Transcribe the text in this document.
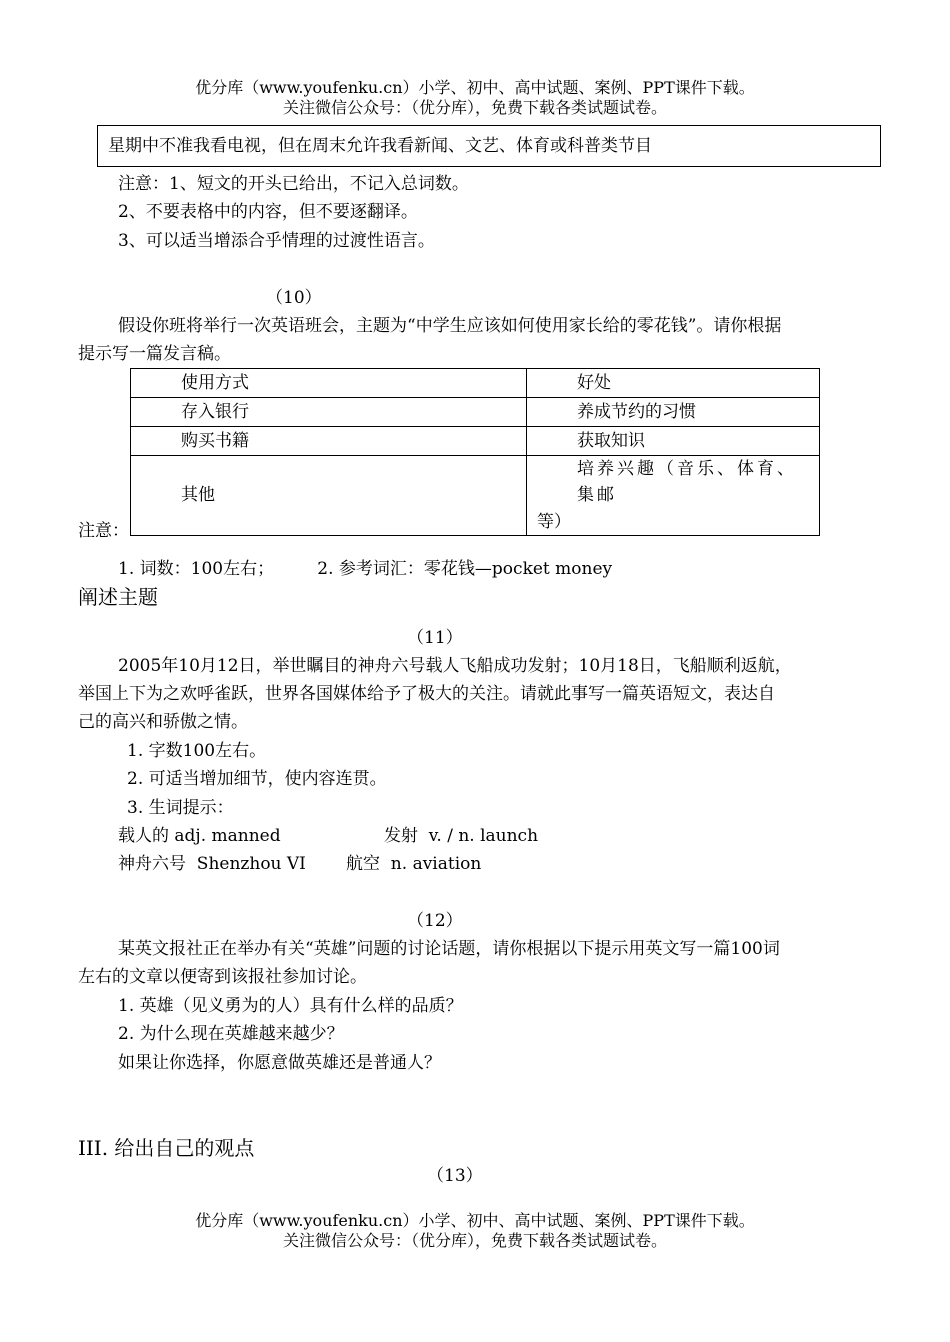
优分库（www.youfenku.cn）小学、初中、高中试题、案例、PPT课件下载。
关注微信公众号：（优分库），免费下载各类试题试卷。
星期中不准我看电视，但在周末允许我看新闻、文艺、体育或科普类节目
注意：1、短文的开头已给出，不记入总词数。
2、不要表格中的内容，但不要逐翻译。
3、可以适当增添合乎情理的过渡性语言。
（10）
假设你班将举行一次英语班会，主题为“中学生应该如何使用家长给的零花钱”。请你根据
提示写一篇发言稿。
使用方式	好处
存入银行	养成节约的习惯
购买书籍	获取知识
其他	培养兴趣（音乐、体育、集邮
等）
注意：
1. 词数：100左右；        2. 参考词汇：零花钱—pocket money
阐述主题
（11）
2005年10月12日，举世瞩目的神舟六号载人飞船成功发射；10月18日，飞船顺利返航，
举国上下为之欢呼雀跃，世界各国媒体给予了极大的关注。请就此事写一篇英语短文，表达自
己的高兴和骄傲之情。
1. 字数100左右。
2. 可适当增加细节，使内容连贯。
3. 生词提示：
载人的 adj. manned	发射  v. / n. launch
神舟六号  Shenzhou VI 航空  n. aviation
（12）
某英文报社正在举办有关“英雄”问题的讨论话题，请你根据以下提示用英文写一篇100词
左右的文章以便寄到该报社参加讨论。
1. 英雄（见义勇为的人）具有什么样的品质？
2. 为什么现在英雄越来越少？
如果让你选择，你愿意做英雄还是普通人？
III. 给出自己的观点
（13）
优分库（www.youfenku.cn）小学、初中、高中试题、案例、PPT课件下载。
关注微信公众号：（优分库），免费下载各类试题试卷。
